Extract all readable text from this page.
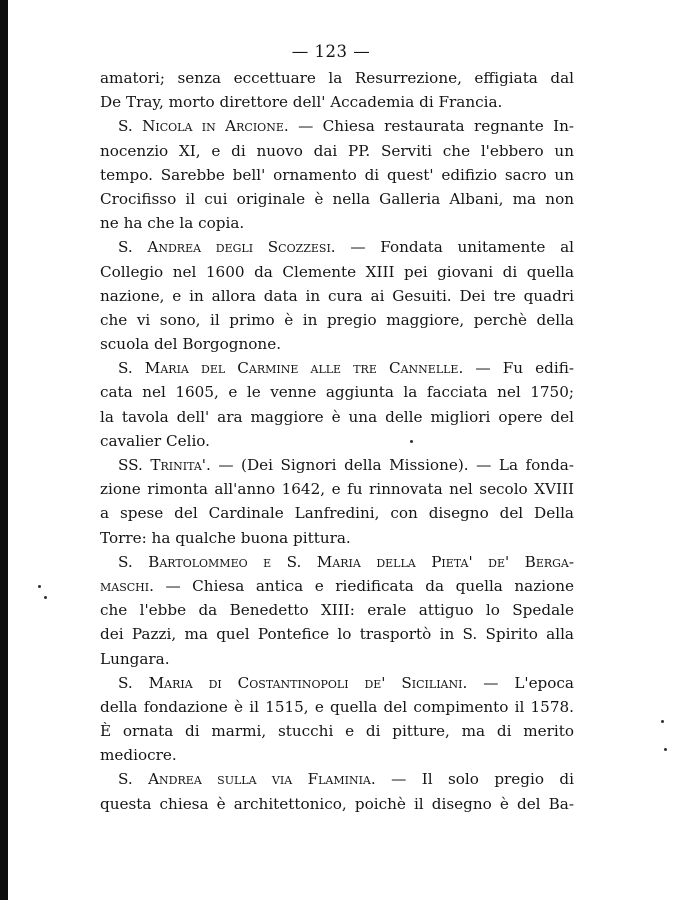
— 123 —
amatori; senza eccettuare la Resurrezione, effigiata dal
De Tray, morto direttore dell' Accademia di Francia.
S. Nicola in Arcione. — Chiesa restaurata regnante In-
nocenzio XI, e di nuovo dai PP. Serviti che l'ebbero un
tempo. Sarebbe bell' ornamento di quest' edifizio sacro un
Crocifisso il cui originale è nella Galleria Albani, ma non
ne ha che la copia.
S. Andrea degli Scozzesi. — Fondata unitamente al
Collegio nel 1600 da Clemente XIII pei giovani di quella
nazione, e in allora data in cura ai Gesuiti. Dei tre quadri
che vi sono, il primo è in pregio maggiore, perchè della
scuola del Borgognone.
S. Maria del Carmine alle tre Cannelle. — Fu edifi-
cata nel 1605, e le venne aggiunta la facciata nel 1750;
la tavola dell' ara maggiore è una delle migliori opere del
cavalier Celio.
SS. Trinita'. — (Dei Signori della Missione). — La fonda-
zione rimonta all'anno 1642, e fu rinnovata nel secolo XVIII
a spese del Cardinale Lanfredini, con disegno del Della
Torre: ha qualche buona pittura.
S. Bartolommeo e S. Maria della Pieta' de' Berga-
maschi. — Chiesa antica e riedificata da quella nazione
che l'ebbe da Benedetto XIII: erale attiguo lo Spedale
dei Pazzi, ma quel Pontefice lo trasportò in S. Spirito alla
Lungara.
S. Maria di Costantinopoli de' Siciliani. — L'epoca
della fondazione è il 1515, e quella del compimento il 1578.
È ornata di marmi, stucchi e di pitture, ma di merito
mediocre.
S. Andrea sulla via Flaminia. — Il solo pregio di
questa chiesa è architettonico, poichè il disegno è del Ba-
